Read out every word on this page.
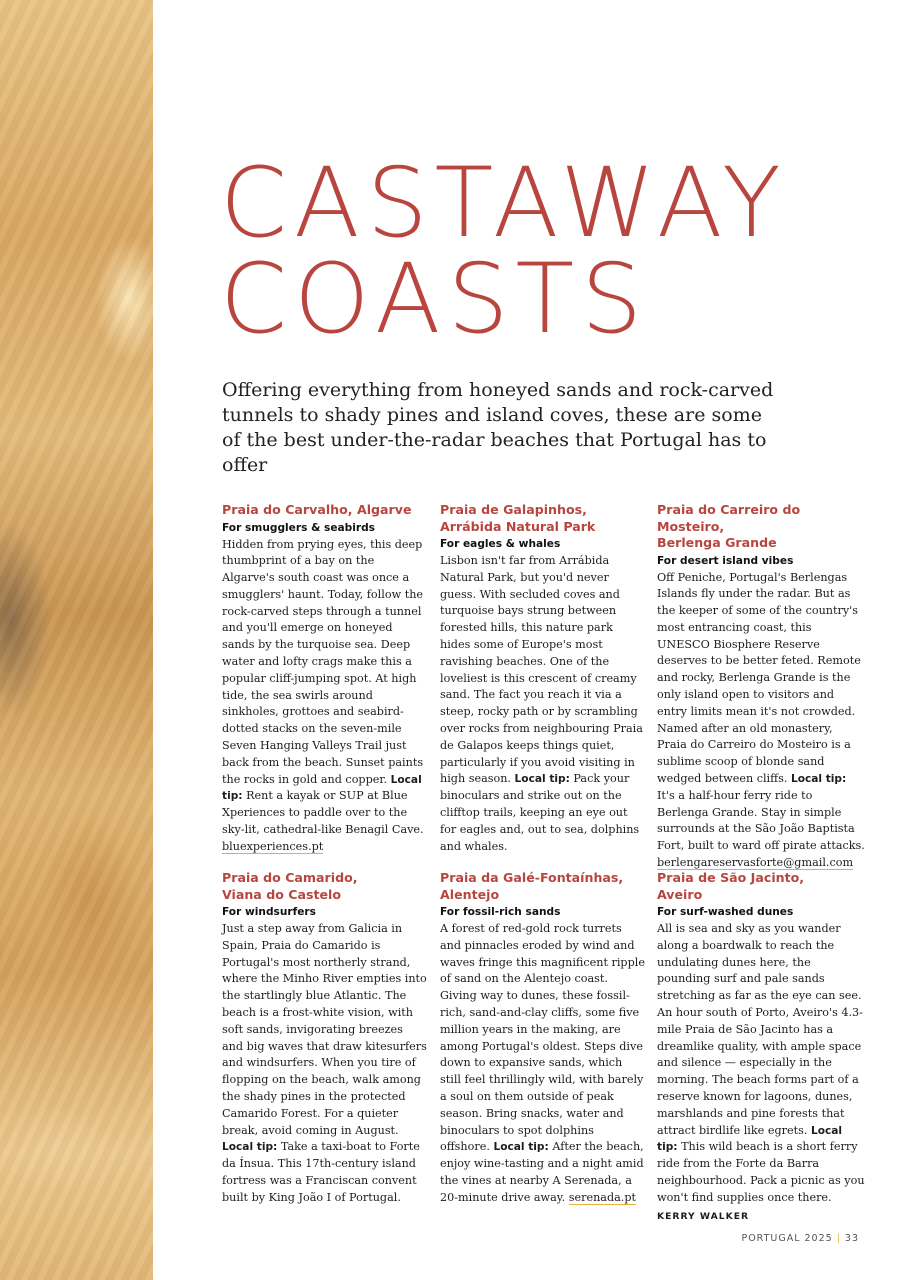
CASTAWAY
COASTS

Offering everything from honeyed sands and rock-carved tunnels to shady pines and island coves, these are some of the best under-the-radar beaches that Portugal has to offer

Praia do Carvalho, Algarve
For smugglers & seabirds

Hidden from prying eyes, this deep thumbprint of a bay on the Algarve's south coast was once a smugglers' haunt. Today, follow the rock-carved steps through a tunnel and you'll emerge on honeyed sands by the turquoise sea. Deep water and lofty crags make this a popular cliff-jumping spot. At high tide, the sea swirls around sinkholes, grottoes and seabird-dotted stacks on the seven-mile Seven Hanging Valleys Trail just back from the beach. Sunset paints the rocks in gold and copper. Local tip: Rent a kayak or SUP at Blue Xperiences to paddle over to the sky-lit, cathedral-like Benagil Cave. bluexperiences.pt

Praia de Galapinhos,
Arrábida Natural Park
For eagles & whales

Lisbon isn't far from Arrábida Natural Park, but you'd never guess. With secluded coves and turquoise bays strung between forested hills, this nature park hides some of Europe's most ravishing beaches. One of the loveliest is this crescent of creamy sand. The fact you reach it via a steep, rocky path or by scrambling over rocks from neighbouring Praia de Galapos keeps things quiet, particularly if you avoid visiting in high season. Local tip: Pack your binoculars and strike out on the clifftop trails, keeping an eye out for eagles and, out to sea, dolphins and whales.

Praia do Carreiro do Mosteiro,
Berlenga Grande
For desert island vibes

Off Peniche, Portugal's Berlengas Islands fly under the radar. But as the keeper of some of the country's most entrancing coast, this UNESCO Biosphere Reserve deserves to be better feted. Remote and rocky, Berlenga Grande is the only island open to visitors and entry limits mean it's not crowded. Named after an old monastery, Praia do Carreiro do Mosteiro is a sublime scoop of blonde sand wedged between cliffs. Local tip: It's a half-hour ferry ride to Berlenga Grande. Stay in simple surrounds at the São João Baptista Fort, built to ward off pirate attacks. berlengareservasforte@gmail.com

Praia do Camarido,
Viana do Castelo
For windsurfers

Just a step away from Galicia in Spain, Praia do Camarido is Portugal's most northerly strand, where the Minho River empties into the startlingly blue Atlantic. The beach is a frost-white vision, with soft sands, invigorating breezes and big waves that draw kitesurfers and windsurfers. When you tire of flopping on the beach, walk among the shady pines in the protected Camarido Forest. For a quieter break, avoid coming in August. Local tip: Take a taxi-boat to Forte da Ínsua. This 17th-century island fortress was a Franciscan convent built by King João I of Portugal.

Praia da Galé-Fontaínhas,
Alentejo
For fossil-rich sands

A forest of red-gold rock turrets and pinnacles eroded by wind and waves fringe this magnificent ripple of sand on the Alentejo coast. Giving way to dunes, these fossil-rich, sand-and-clay cliffs, some five million years in the making, are among Portugal's oldest. Steps dive down to expansive sands, which still feel thrillingly wild, with barely a soul on them outside of peak season. Bring snacks, water and binoculars to spot dolphins offshore. Local tip: After the beach, enjoy wine-tasting and a night amid the vines at nearby A Serenada, a 20-minute drive away. serenada.pt

Praia de São Jacinto,
Aveiro
For surf-washed dunes

All is sea and sky as you wander along a boardwalk to reach the undulating dunes here, the pounding surf and pale sands stretching as far as the eye can see. An hour south of Porto, Aveiro's 4.3-mile Praia de São Jacinto has a dreamlike quality, with ample space and silence — especially in the morning. The beach forms part of a reserve known for lagoons, dunes, marshlands and pine forests that attract birdlife like egrets. Local tip: This wild beach is a short ferry ride from the Forte da Barra neighbourhood. Pack a picnic as you won't find supplies once there.

KERRY WALKER
PORTUGAL 2025 | 33
